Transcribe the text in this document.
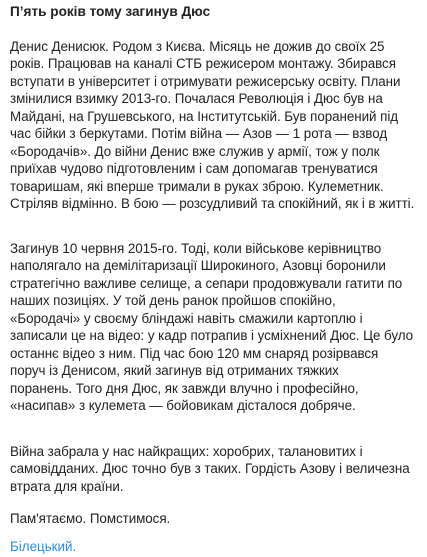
П’ять років тому загинув Дюс
Денис Денисюк. Родом з Києва. Місяць не дожив до своїх 25
років. Працював на каналі СТБ режисером монтажу. Збирався
вступати в університет і отримувати режисерську освіту. Плани
змінилися взимку 2013-го. Почалася Революція і Дюс був на
Майдані, на Грушевського, на Інститутській. Був поранений під
час бійки з беркутами. Потім війна — Азов — 1 рота — взвод
«Бородачів». До війни Денис вже служив у армії, тож у полк
приїхав чудово підготовленим і сам допомагав тренуватися
товаришам, які вперше тримали в руках зброю. Кулеметник.
Стріляв відмінно. В бою — розсудливий та спокійний, як і в житті.
Загинув 10 червня 2015-го. Тоді, коли військове керівництво
наполягало на демілітаризації Широкиного, Азовці боронили
стратегічно важливе селище, а сепари продовжували гатити по
наших позиціях. У той день ранок пройшов спокійно,
«Бородачі» у своєму бліндажі навіть смажили картоплю і
записали це на відео: у кадр потрапив і усміхнений Дюс. Це було
останнє відео з ним. Під час бою 120 мм снаряд розірвався
поруч із Денисом, який загинув від отриманих тяжких
поранень. Того дня Дюс, як завжди влучно і професійно,
«насипав» з кулемета — бойовикам дісталося добряче.
Війна забрала у нас найкращих: хоробрих, талановитих і
самовідданих. Дюс точно був з таких. Гордість Азову і величезна
втрата для країни.
Пам'ятаємо. Помстимося.
Білецький.
